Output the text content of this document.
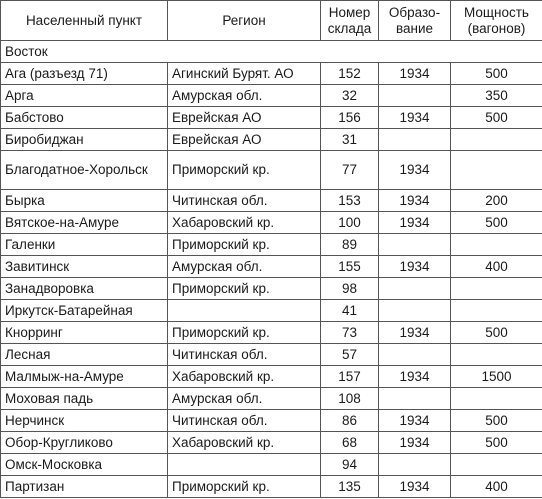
Населенный пункт	Регион	Номер склада	Образо-вание	Мощность (вагонов)
Восток				
Ага (разъезд 71)	Агинский Бурят. АО	152	1934	500
Арга	Амурская обл.	32		350
Бабстово	Еврейская АО	156	1934	500
Биробиджан	Еврейская АО	31		
Благодатное-Хорольск	Приморский кр.	77	1934	
Бырка	Читинская обл.	153	1934	200
Вятское-на-Амуре	Хабаровский кр.	100	1934	500
Галенки	Приморский кр.	89		
Завитинск	Амурская обл.	155	1934	400
Занадворовка	Приморский кр.	98		
Иркутск-Батарейная		41		
Кнорринг	Приморский кр.	73	1934	500
Лесная	Читинская обл.	57		
Малмыж-на-Амуре	Хабаровский кр.	157	1934	1500
Моховая падь	Амурская обл.	108		
Нерчинск	Читинская обл.	86	1934	500
Обор-Кругликово	Хабаровский кр.	68	1934	500
Омск-Московка		94		
Партизан	Приморский кр.	135	1934	400
